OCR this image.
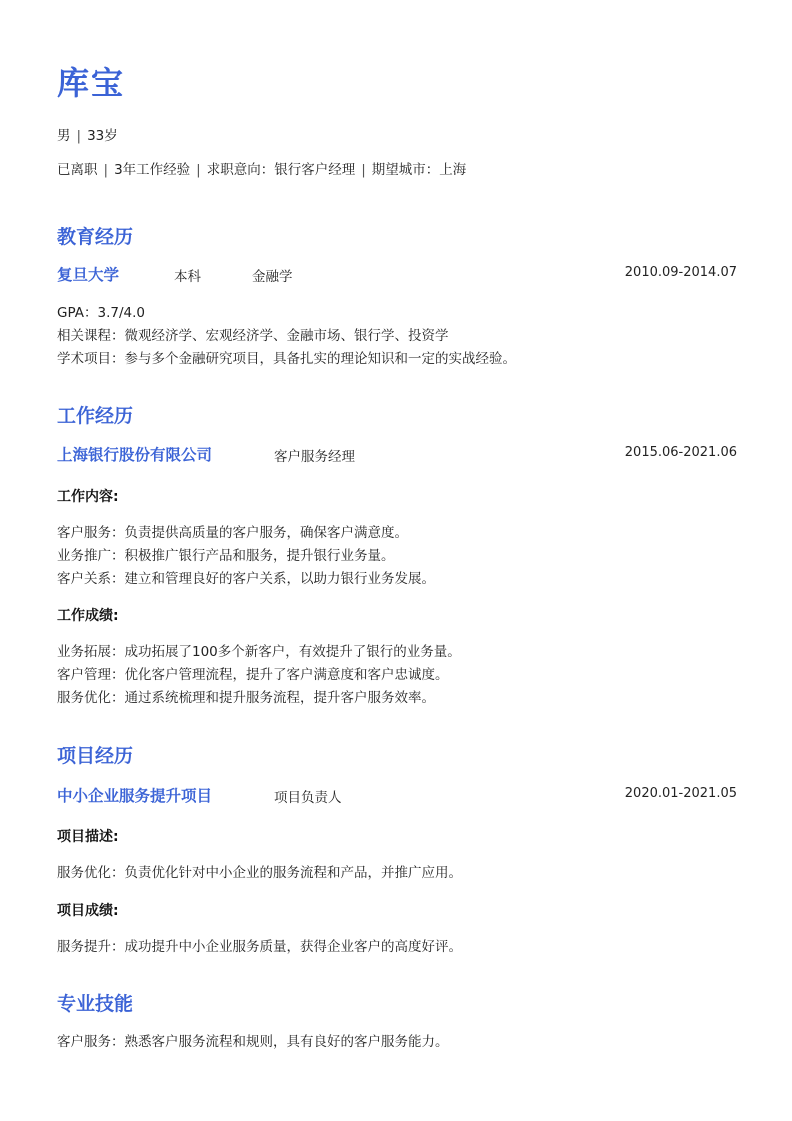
库宝
男 | 33岁
已离职 | 3年工作经验 | 求职意向：银行客户经理 | 期望城市：上海
教育经历
复旦大学	本科	金融学	2010.09-2014.07
GPA：3.7/4.0
相关课程：微观经济学、宏观经济学、金融市场、银行学、投资学
学术项目：参与多个金融研究项目，具备扎实的理论知识和一定的实战经验。
工作经历
上海银行股份有限公司	客户服务经理	2015.06-2021.06
工作内容:
客户服务：负责提供高质量的客户服务，确保客户满意度。
业务推广：积极推广银行产品和服务，提升银行业务量。
客户关系：建立和管理良好的客户关系，以助力银行业务发展。
工作成绩:
业务拓展：成功拓展了100多个新客户，有效提升了银行的业务量。
客户管理：优化客户管理流程，提升了客户满意度和客户忠诚度。
服务优化：通过系统梳理和提升服务流程，提升客户服务效率。
项目经历
中小企业服务提升项目	项目负责人	2020.01-2021.05
项目描述:
服务优化：负责优化针对中小企业的服务流程和产品，并推广应用。
项目成绩:
服务提升：成功提升中小企业服务质量，获得企业客户的高度好评。
专业技能
客户服务：熟悉客户服务流程和规则，具有良好的客户服务能力。
